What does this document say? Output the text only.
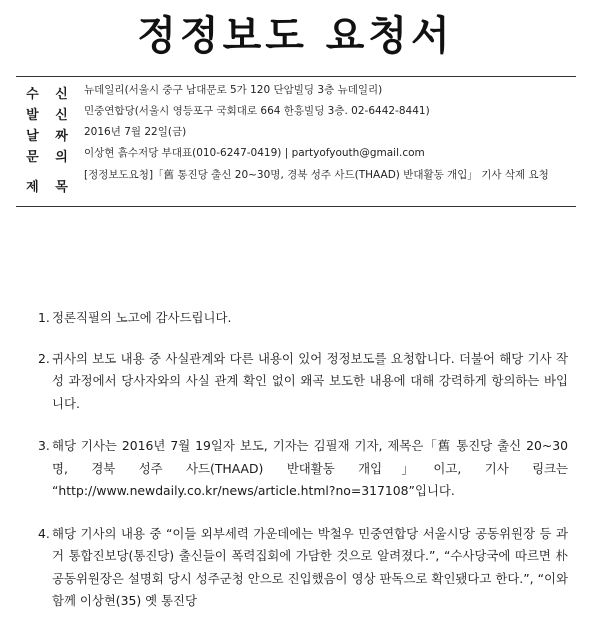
정정보도 요청서
수 신 뉴데일리(서울시 중구 남대문로 5가 120 단암빌딩 3층 뉴데일리)
발 신 민중연합당(서울시 영등포구 국회대로 664 한흥빌딩 3층. 02-6442-8441)
날 짜 2016년 7월 22일(금)
문 의 이상현 흙수저당 부대표(010-6247-0419) | partyofyouth@gmail.com
제 목
[정정보도요청]「舊 통진당 출신 20~30명, 경북 성주 사드(THAAD) 반대활동 개입」 기사 삭제 요청
1. 정론직필의 노고에 감사드립니다.
2. 귀사의 보도 내용 중 사실관계와 다른 내용이 있어 정정보도를 요청합니다. 더불어 해당 기사 작성 과정에서 당사자와의 사실 관계 확인 없이 왜곡 보도한 내용에 대해 강력하게 항의하는 바입니다.
3. 해당 기사는 2016년 7월 19일자 보도, 기자는 김필재 기자, 제목은「舊 통진당 출신 20~30명, 경북 성주 사드(THAAD) 반대활동 개입」이고, 기사 링크는 “http://www.newdaily.co.kr/news/article.html?no=317108”입니다.
4. 해당 기사의 내용 중 “이들 외부세력 가운데에는 박철우 민중연합당 서울시당 공동위원장 등 과거 통합진보당(통진당) 출신들이 폭력집회에 가담한 것으로 알려졌다.”, “수사당국에 따르면 朴 공동위원장은 설명회 당시 성주군청 안으로 진입했음이 영상 판독으로 확인됐다고 한다.”, “이와 함께 이상현(35) 옛 통진당
